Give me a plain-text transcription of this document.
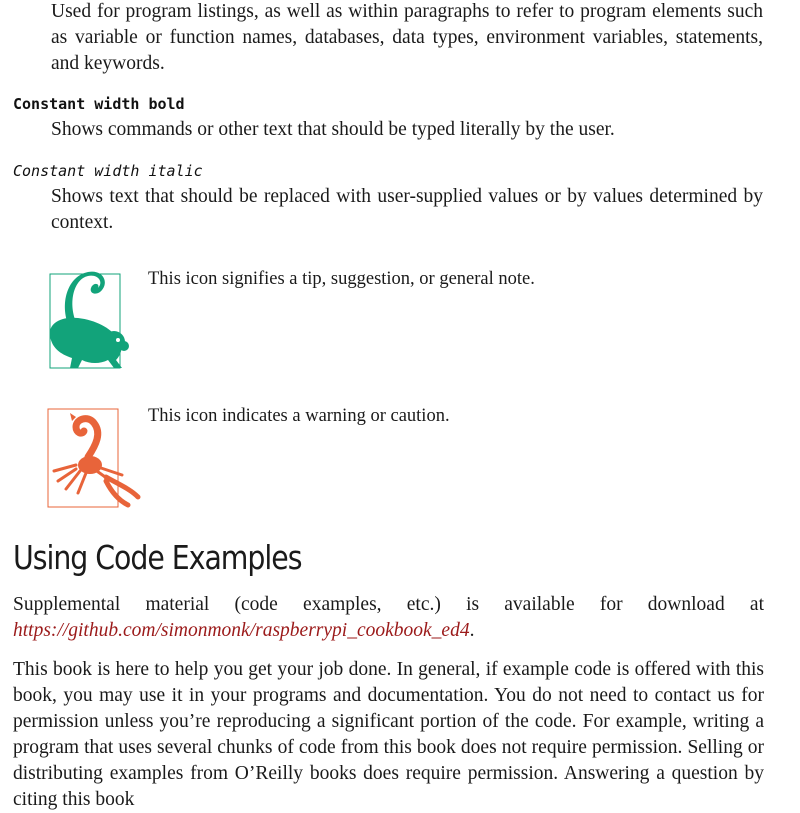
Used for program listings, as well as within paragraphs to refer to program elements such as variable or function names, databases, data types, environment variables, statements, and keywords.
Constant width bold
Shows commands or other text that should be typed literally by the user.
Constant width italic
Shows text that should be replaced with user-supplied values or by values determined by context.
This icon signifies a tip, suggestion, or general note.
This icon indicates a warning or caution.
Using Code Examples
Supplemental material (code examples, etc.) is available for download at https://github.com/simonmonk/raspberrypi_cookbook_ed4.
This book is here to help you get your job done. In general, if example code is offered with this book, you may use it in your programs and documentation. You do not need to contact us for permission unless you’re reproducing a significant portion of the code. For example, writing a program that uses several chunks of code from this book does not require permission. Selling or distributing examples from O’Reilly books does require permission. Answering a question by citing this book
